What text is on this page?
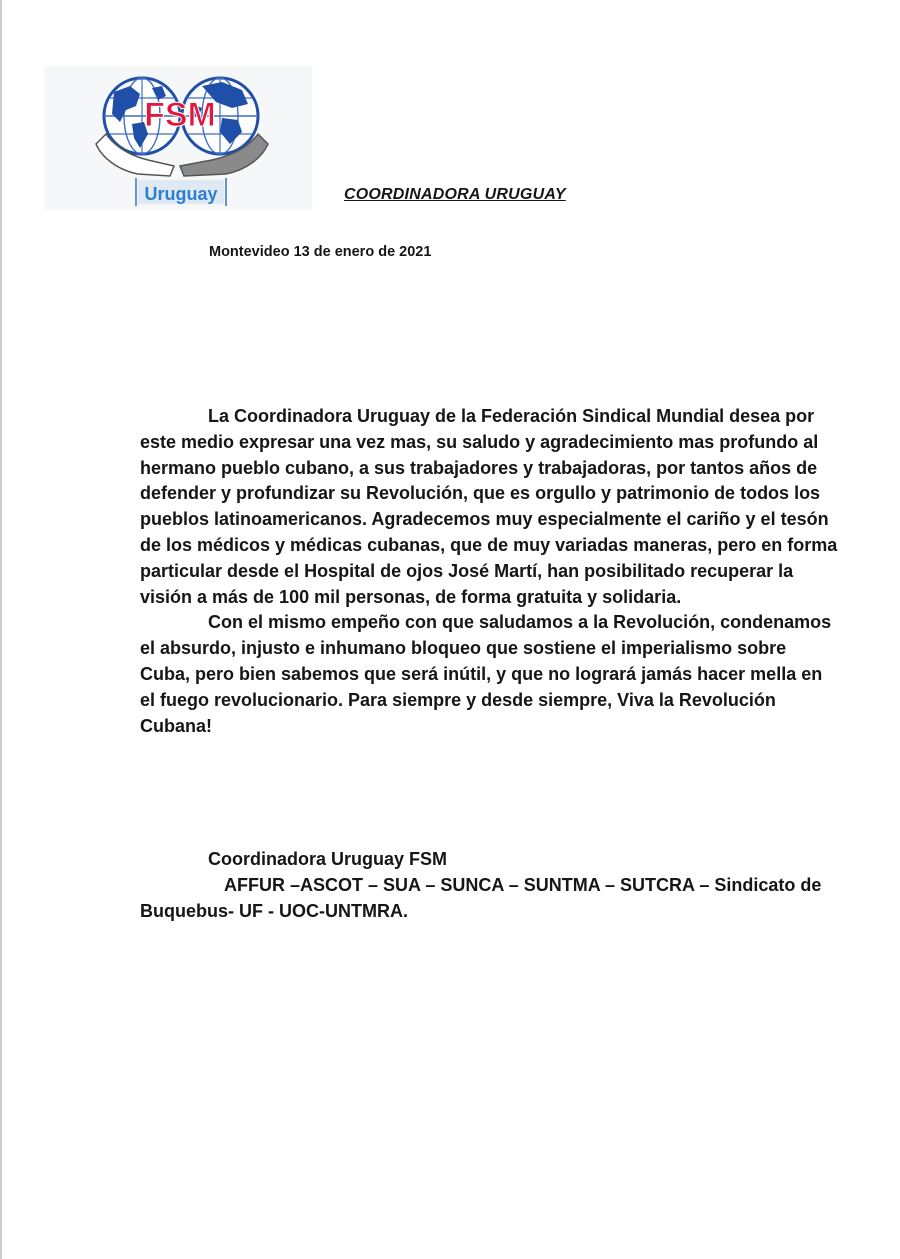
FSM
Uruguay	COORDINADORA URUGUAY
Montevideo 13 de enero de 2021

La Coordinadora Uruguay de la Federación Sindical Mundial desea por este medio expresar una vez mas, su saludo y agradecimiento mas profundo al hermano pueblo cubano, a sus trabajadores y trabajadoras, por tantos años de defender y profundizar su Revolución, que es orgullo y patrimonio de todos los pueblos latinoamericanos. Agradecemos muy especialmente el cariño y el tesón de los médicos y médicas cubanas, que de muy variadas maneras, pero en forma particular desde el Hospital de ojos José Martí, han posibilitado recuperar la visión a más de 100 mil personas, de forma gratuita y solidaria.

Con el mismo empeño con que saludamos a la Revolución, condenamos el absurdo, injusto e inhumano bloqueo que sostiene el imperialismo sobre Cuba, pero bien sabemos que será inútil, y que no logrará jamás hacer mella en el fuego revolucionario. Para siempre y desde siempre, Viva la Revolución Cubana!

Coordinadora Uruguay FSM

AFFUR –ASCOT – SUA – SUNCA – SUNTMA – SUTCRA – Sindicato de Buquebus- UF - UOC-UNTMRA.
